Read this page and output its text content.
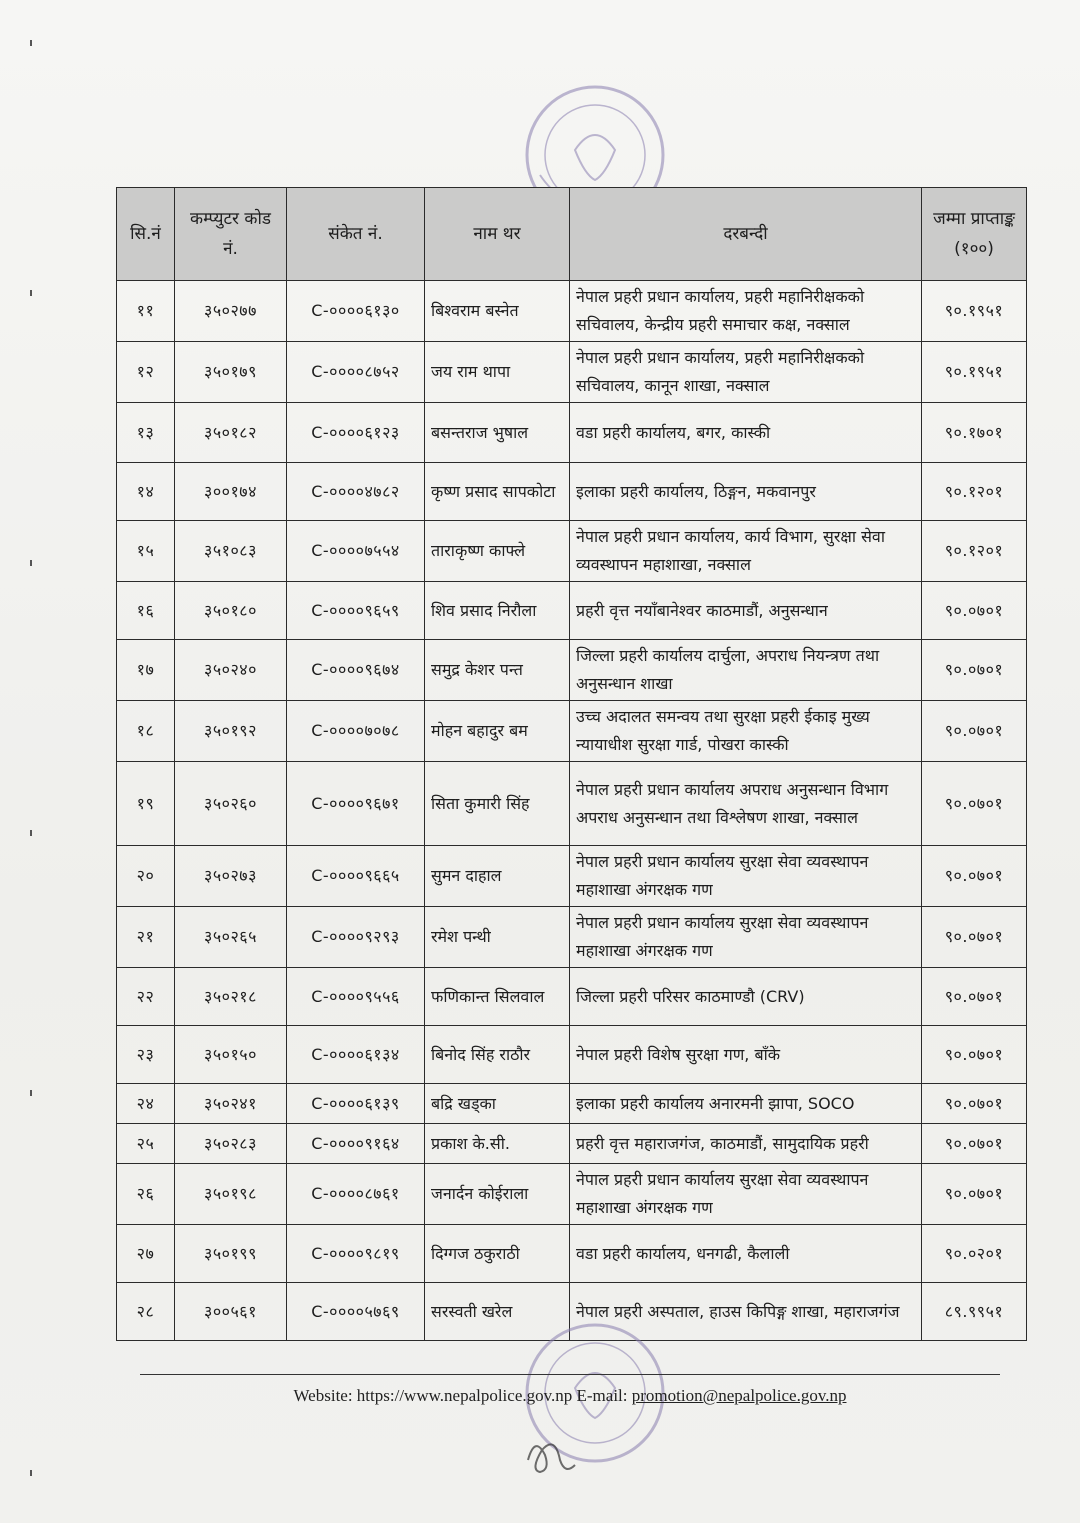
सि.नं	कम्प्युटर कोड नं.	संकेत नं.	नाम थर	दरबन्दी	जम्मा प्राप्ताङ्क (१००)
११	३५०२७७	C-००००६१३०	बिश्वराम बस्नेत	नेपाल प्रहरी प्रधान कार्यालय, प्रहरी महानिरीक्षकको सचिवालय, केन्द्रीय प्रहरी समाचार कक्ष, नक्साल	९०.१९५१
१२	३५०१७९	C-००००८७५२	जय राम थापा	नेपाल प्रहरी प्रधान कार्यालय, प्रहरी महानिरीक्षकको सचिवालय, कानून शाखा, नक्साल	९०.१९५१
१३	३५०१८२	C-००००६१२३	बसन्तराज भुषाल	वडा प्रहरी कार्यालय, बगर, कास्की	९०.१७०१
१४	३००१७४	C-००००४७८२	कृष्ण प्रसाद सापकोटा	इलाका प्रहरी कार्यालय, ठिङ्गन, मकवानपुर	९०.१२०१
१५	३५१०८३	C-००००७५५४	ताराकृष्ण काफ्ले	नेपाल प्रहरी प्रधान कार्यालय, कार्य विभाग, सुरक्षा सेवा व्यवस्थापन महाशाखा, नक्साल	९०.१२०१
१६	३५०१८०	C-००००९६५९	शिव प्रसाद निरौला	प्रहरी वृत्त नयाँबानेश्वर काठमाडौं, अनुसन्धान	९०.०७०१
१७	३५०२४०	C-००००९६७४	समुद्र केशर पन्त	जिल्ला प्रहरी कार्यालय दार्चुला, अपराध नियन्त्रण तथा अनुसन्धान शाखा	९०.०७०१
१८	३५०१९२	C-००००७०७८	मोहन बहादुर बम	उच्च अदालत समन्वय तथा सुरक्षा प्रहरी ईकाइ मुख्य न्यायाधीश सुरक्षा गार्ड, पोखरा कास्की	९०.०७०१
१९	३५०२६०	C-००००९६७१	सिता कुमारी सिंह	नेपाल प्रहरी प्रधान कार्यालय अपराध अनुसन्धान विभाग अपराध अनुसन्धान तथा विश्लेषण शाखा, नक्साल	९०.०७०१
२०	३५०२७३	C-००००९६६५	सुमन दाहाल	नेपाल प्रहरी प्रधान कार्यालय सुरक्षा सेवा व्यवस्थापन महाशाखा अंगरक्षक गण	९०.०७०१
२१	३५०२६५	C-००००९२९३	रमेश पन्थी	नेपाल प्रहरी प्रधान कार्यालय सुरक्षा सेवा व्यवस्थापन महाशाखा अंगरक्षक गण	९०.०७०१
२२	३५०२१८	C-००००९५५६	फणिकान्त सिलवाल	जिल्ला प्रहरी परिसर काठमाण्डौ (CRV)	९०.०७०१
२३	३५०१५०	C-००००६१३४	बिनोद सिंह राठौर	नेपाल प्रहरी विशेष सुरक्षा गण, बाँके	९०.०७०१
२४	३५०२४१	C-००००६१३९	बद्रि खड्का	इलाका प्रहरी कार्यालय अनारमनी झापा, SOCO	९०.०७०१
२५	३५०२८३	C-००००९१६४	प्रकाश के.सी.	प्रहरी वृत्त महाराजगंज, काठमाडौं, सामुदायिक प्रहरी	९०.०७०१
२६	३५०१९८	C-००००८७६१	जनार्दन कोईराला	नेपाल प्रहरी प्रधान कार्यालय सुरक्षा सेवा व्यवस्थापन महाशाखा अंगरक्षक गण	९०.०७०१
२७	३५०१९९	C-००००९८१९	दिग्गज ठकुराठी	वडा प्रहरी कार्यालय, धनगढी, कैलाली	९०.०२०१
२८	३००५६१	C-००००५७६९	सरस्वती खरेल	नेपाल प्रहरी अस्पताल, हाउस किपिङ्ग शाखा, महाराजगंज	८९.९९५१
Website: https://www.nepalpolice.gov.np E-mail: promotion@nepalpolice.gov.np
